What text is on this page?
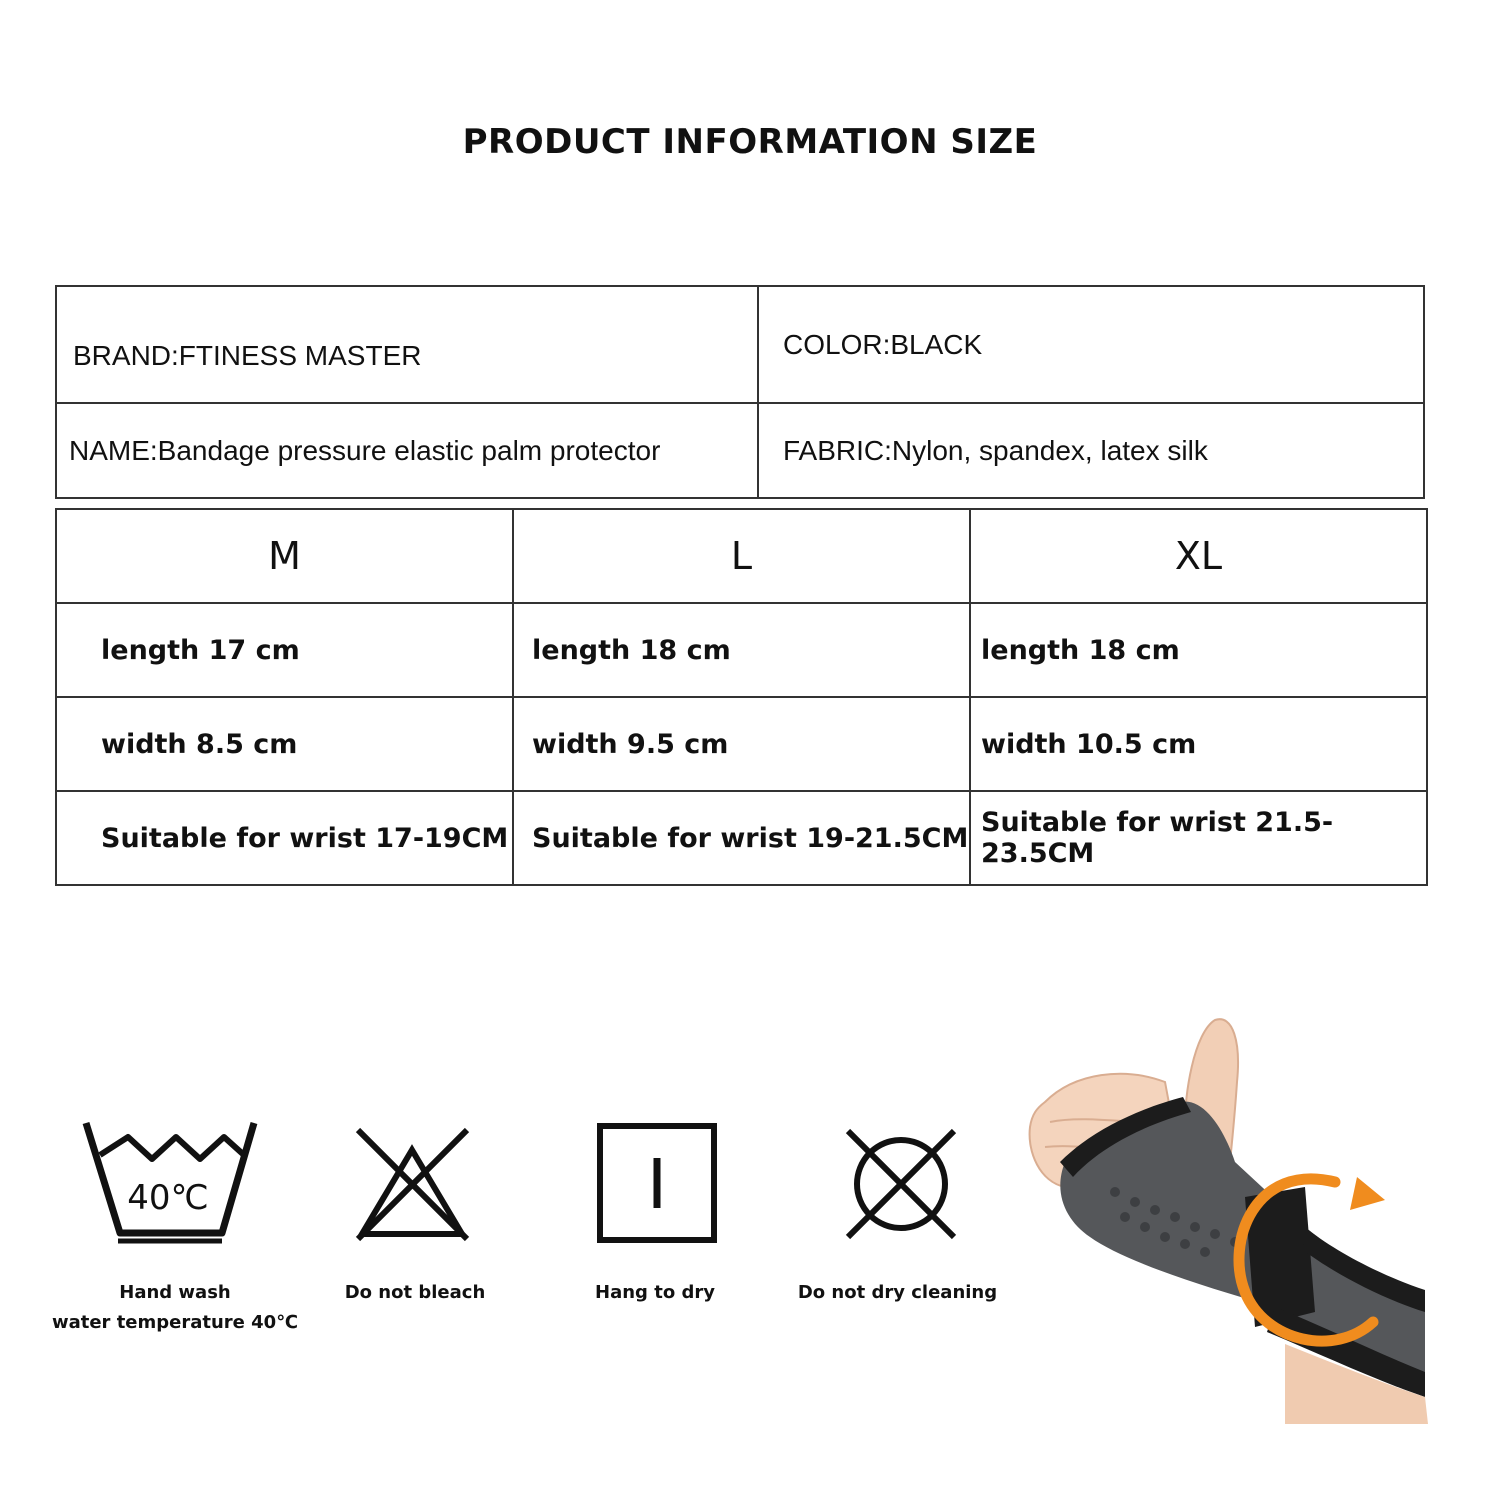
PRODUCT INFORMATION SIZE
BRAND:FTINESS MASTER	COLOR:BLACK
NAME:Bandage pressure elastic palm protector	FABRIC:Nylon, spandex, latex silk
M	L	XL
length 17 cm	length 18 cm	length 18 cm
width 8.5 cm	width 9.5 cm	width 10.5 cm
Suitable for wrist 17-19CM	Suitable for wrist 19-21.5CM	Suitable for wrist 21.5-23.5CM
40℃
Hand wash
water temperature 40℃
Do not bleach	Hang to dry	Do not dry cleaning
